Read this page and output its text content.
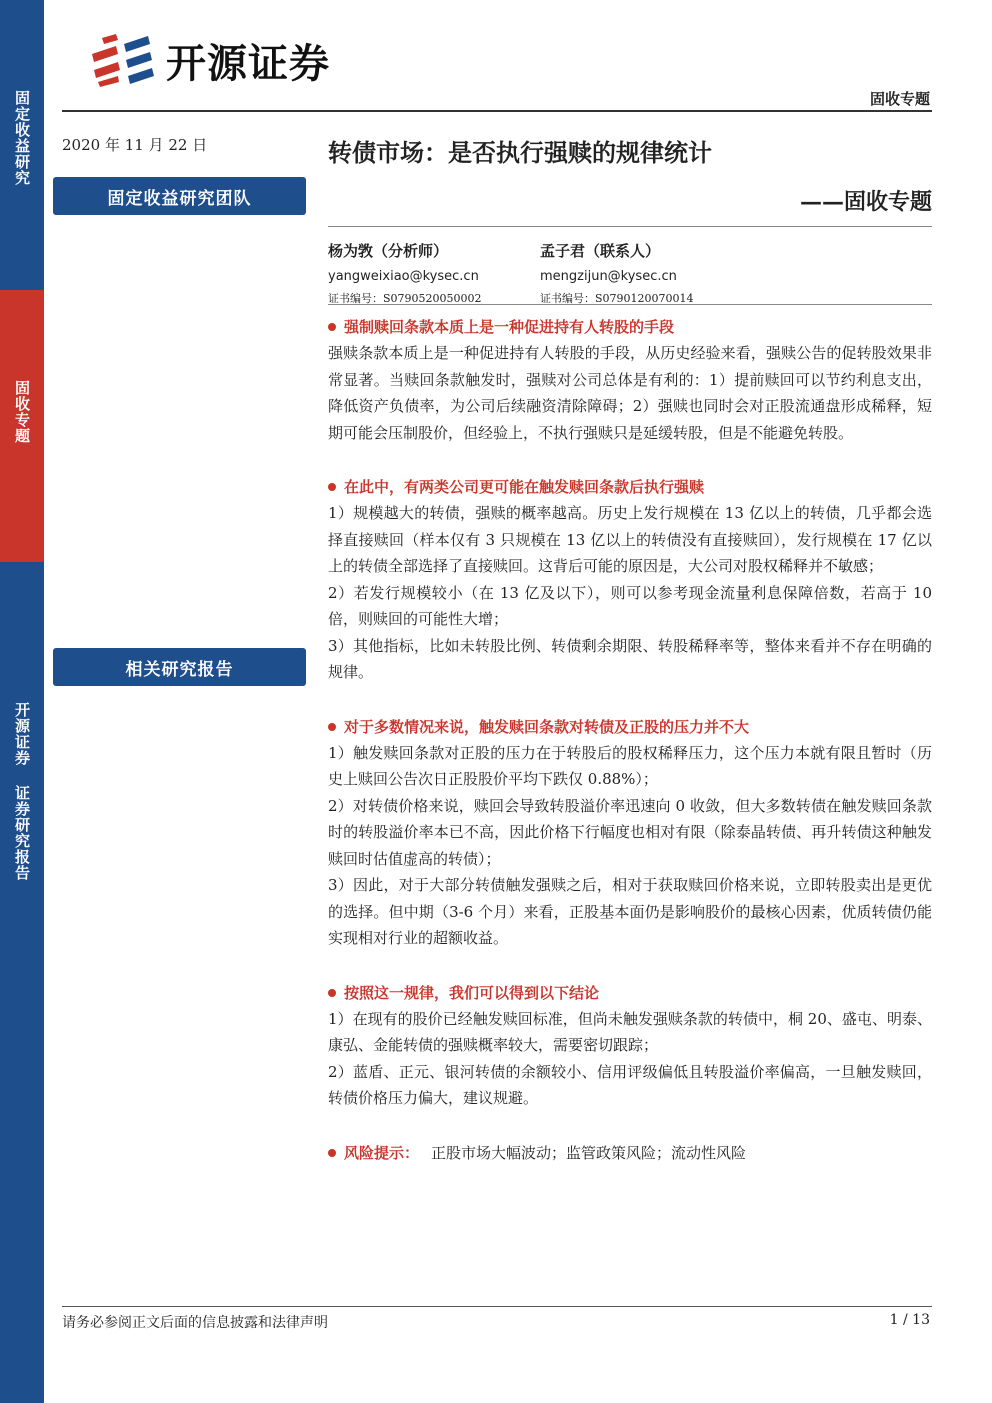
固定收益研究
固收专题
开源证券 证券研究报告
开源证券
固收专题
2020 年 11 月 22 日
固定收益研究团队
相关研究报告
转债市场：是否执行强赎的规律统计
——固收专题
杨为敩（分析师）
yangweixiao@kysec.cn
证书编号：S0790520050002
孟子君（联系人）
mengzijun@kysec.cn
证书编号：S0790120070014
强制赎回条款本质上是一种促进持有人转股的手段
强赎条款本质上是一种促进持有人转股的手段，从历史经验来看，强赎公告的促转股效果非常显著。当赎回条款触发时，强赎对公司总体是有利的：1）提前赎回可以节约利息支出，降低资产负债率，为公司后续融资清除障碍；2）强赎也同时会对正股流通盘形成稀释，短期可能会压制股价，但经验上，不执行强赎只是延缓转股，但是不能避免转股。
在此中，有两类公司更可能在触发赎回条款后执行强赎
1）规模越大的转债，强赎的概率越高。历史上发行规模在 13 亿以上的转债，几乎都会选择直接赎回（样本仅有 3 只规模在 13 亿以上的转债没有直接赎回），发行规模在 17 亿以上的转债全部选择了直接赎回。这背后可能的原因是，大公司对股权稀释并不敏感；
2）若发行规模较小（在 13 亿及以下），则可以参考现金流量利息保障倍数，若高于 10 倍，则赎回的可能性大增；
3）其他指标，比如未转股比例、转债剩余期限、转股稀释率等，整体来看并不存在明确的规律。
对于多数情况来说，触发赎回条款对转债及正股的压力并不大
1）触发赎回条款对正股的压力在于转股后的股权稀释压力，这个压力本就有限且暂时（历史上赎回公告次日正股股价平均下跌仅 0.88%）；
2）对转债价格来说，赎回会导致转股溢价率迅速向 0 收敛，但大多数转债在触发赎回条款时的转股溢价率本已不高，因此价格下行幅度也相对有限（除泰晶转债、再升转债这种触发赎回时估值虚高的转债）；
3）因此，对于大部分转债触发强赎之后，相对于获取赎回价格来说，立即转股卖出是更优的选择。但中期（3-6 个月）来看，正股基本面仍是影响股价的最核心因素，优质转债仍能实现相对行业的超额收益。
按照这一规律，我们可以得到以下结论
1）在现有的股价已经触发赎回标准，但尚未触发强赎条款的转债中，桐 20、盛屯、明泰、康弘、金能转债的强赎概率较大，需要密切跟踪；
2）蓝盾、正元、银河转债的余额较小、信用评级偏低且转股溢价率偏高，一旦触发赎回，转债价格压力偏大，建议规避。
风险提示： 正股市场大幅波动；监管政策风险；流动性风险
请务必参阅正文后面的信息披露和法律声明	1 / 13
